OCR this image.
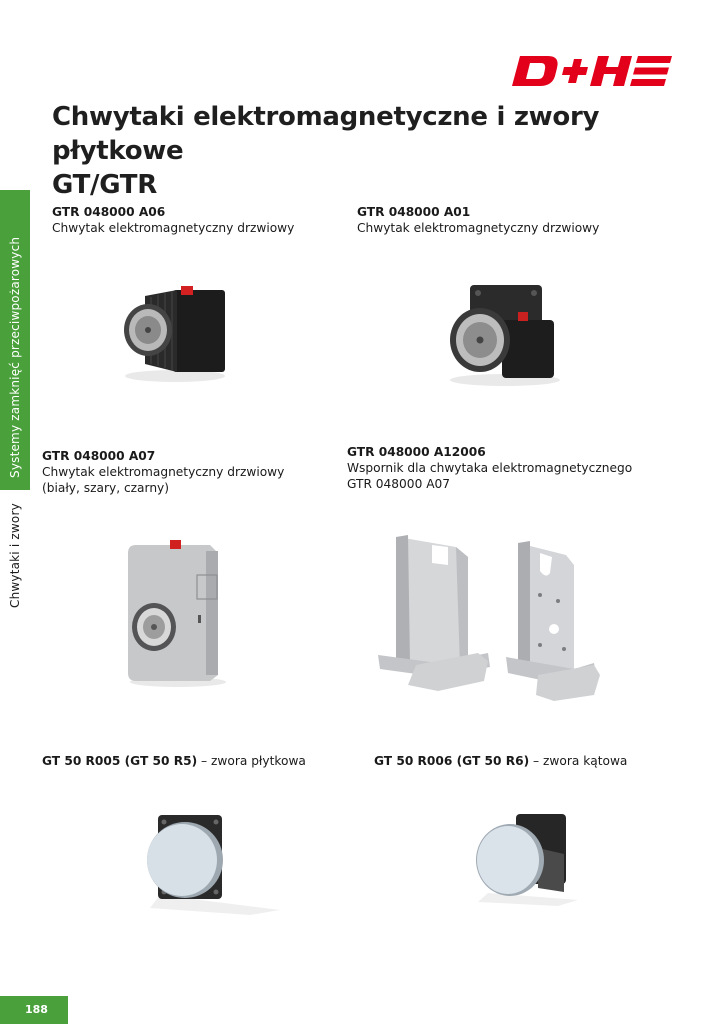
Systemy zamknięć przeciwpożarowych
Chwytaki i zwory
Chwytaki elektromagnetyczne i zwory płytkowe
GT/GTR
GTR 048000 A06
Chwytak elektromagnetyczny drzwiowy
GTR 048000 A01
Chwytak elektromagnetyczny drzwiowy
GTR 048000 A07
Chwytak elektromagnetyczny drzwiowy
(biały, szary, czarny)
GTR 048000 A12006
Wspornik dla chwytaka elektromagnetycznego
GTR 048000 A07
GT 50 R005 (GT 50 R5) – zwora płytkowa	GT 50 R006 (GT 50 R6) – zwora kątowa
188
